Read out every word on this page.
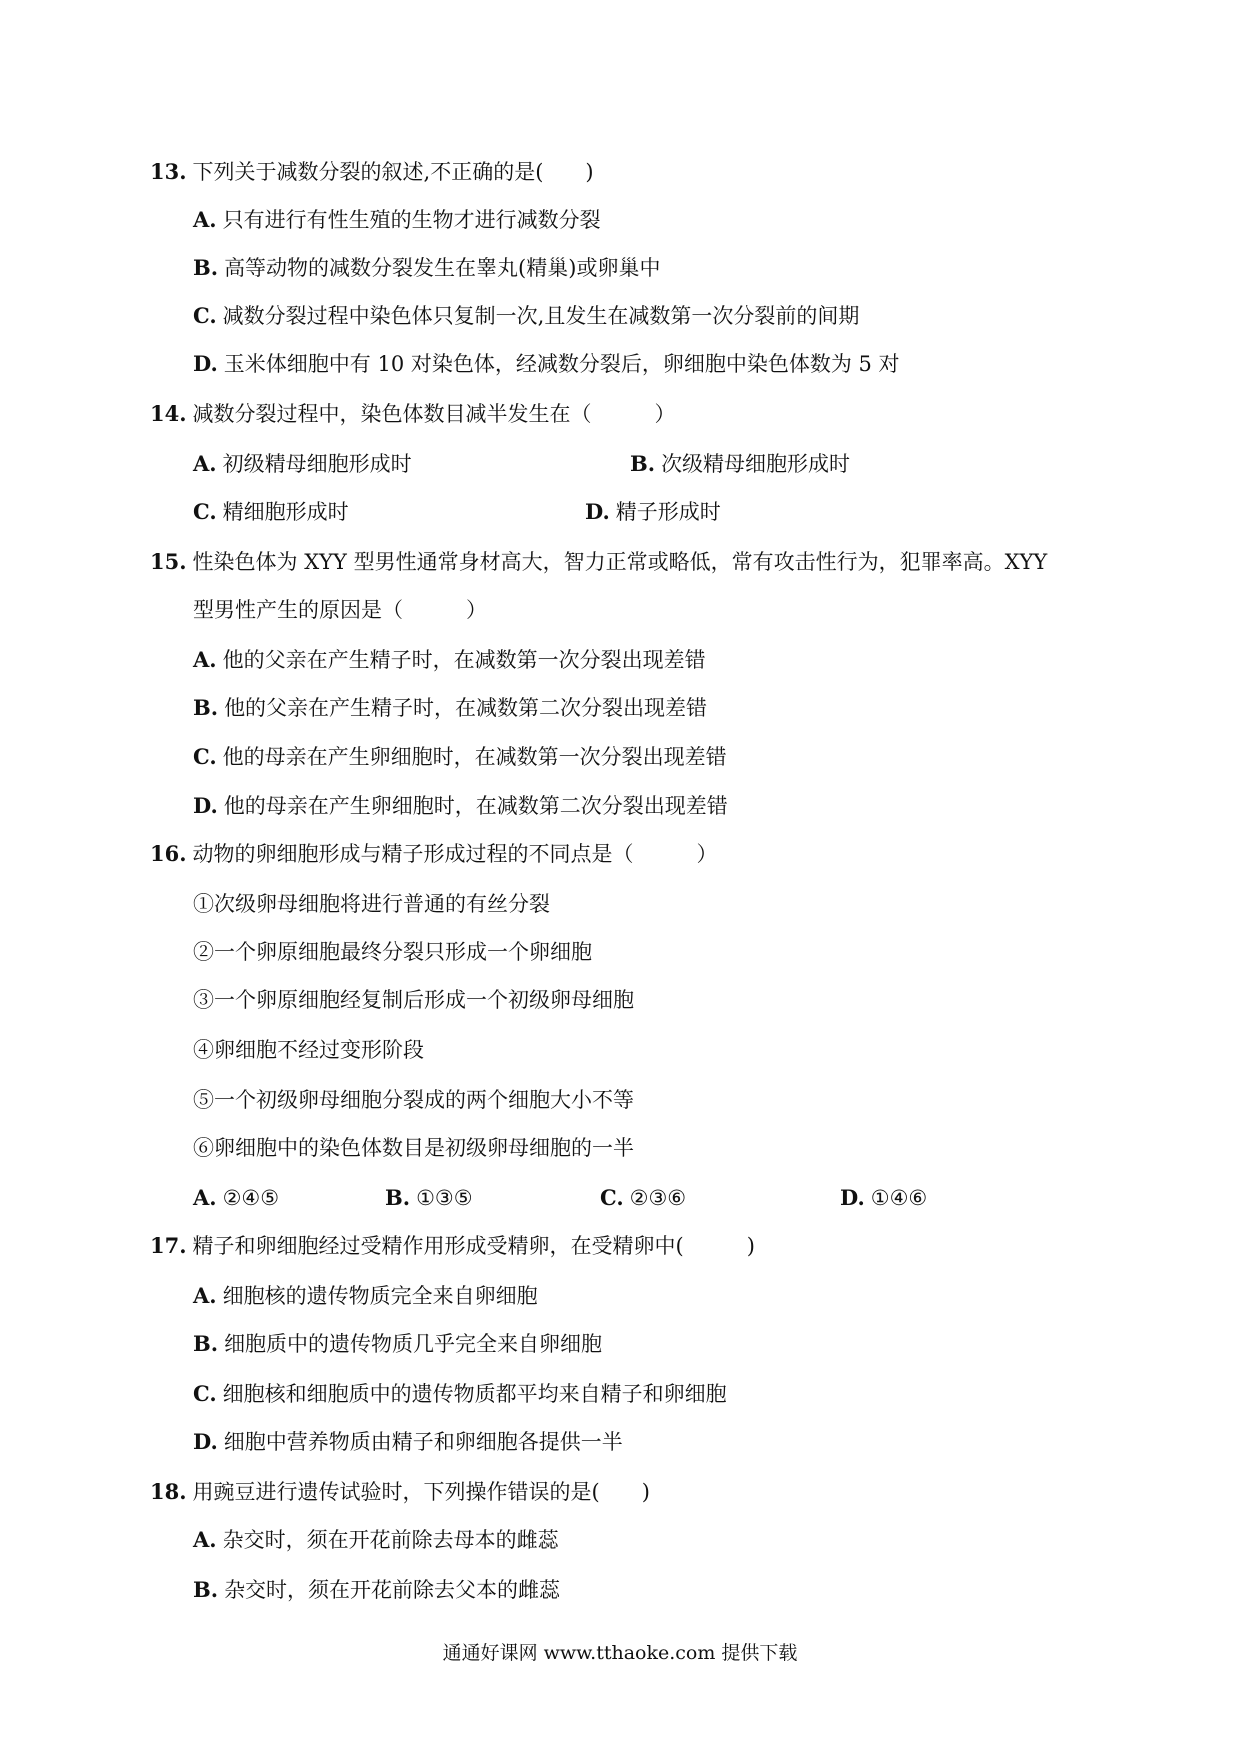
13. 下列关于减数分裂的叙述,不正确的是(　　)
A. 只有进行有性生殖的生物才进行减数分裂
B. 高等动物的减数分裂发生在睾丸(精巢)或卵巢中
C. 减数分裂过程中染色体只复制一次,且发生在减数第一次分裂前的间期
D. 玉米体细胞中有 10 对染色体，经减数分裂后，卵细胞中染色体数为 5 对
14. 减数分裂过程中，染色体数目减半发生在（　　　）
A. 初级精母细胞形成时	B. 次级精母细胞形成时
C. 精细胞形成时	D. 精子形成时
15. 性染色体为 XYY 型男性通常身材高大，智力正常或略低，常有攻击性行为，犯罪率高。XYY
型男性产生的原因是（　　　）
A. 他的父亲在产生精子时，在减数第一次分裂出现差错
B. 他的父亲在产生精子时，在减数第二次分裂出现差错
C. 他的母亲在产生卵细胞时，在减数第一次分裂出现差错
D. 他的母亲在产生卵细胞时，在减数第二次分裂出现差错
16. 动物的卵细胞形成与精子形成过程的不同点是（　　　）
①次级卵母细胞将进行普通的有丝分裂
②一个卵原细胞最终分裂只形成一个卵细胞
③一个卵原细胞经复制后形成一个初级卵母细胞
④卵细胞不经过变形阶段
⑤一个初级卵母细胞分裂成的两个细胞大小不等
⑥卵细胞中的染色体数目是初级卵母细胞的一半
A. ②④⑤	B. ①③⑤	C. ②③⑥	D. ①④⑥
17. 精子和卵细胞经过受精作用形成受精卵，在受精卵中(　　　)
A. 细胞核的遗传物质完全来自卵细胞
B. 细胞质中的遗传物质几乎完全来自卵细胞
C. 细胞核和细胞质中的遗传物质都平均来自精子和卵细胞
D. 细胞中营养物质由精子和卵细胞各提供一半
18. 用豌豆进行遗传试验时，下列操作错误的是(　　)
A. 杂交时，须在开花前除去母本的雌蕊
B. 杂交时，须在开花前除去父本的雌蕊
通通好课网 www.tthaoke.com 提供下载
